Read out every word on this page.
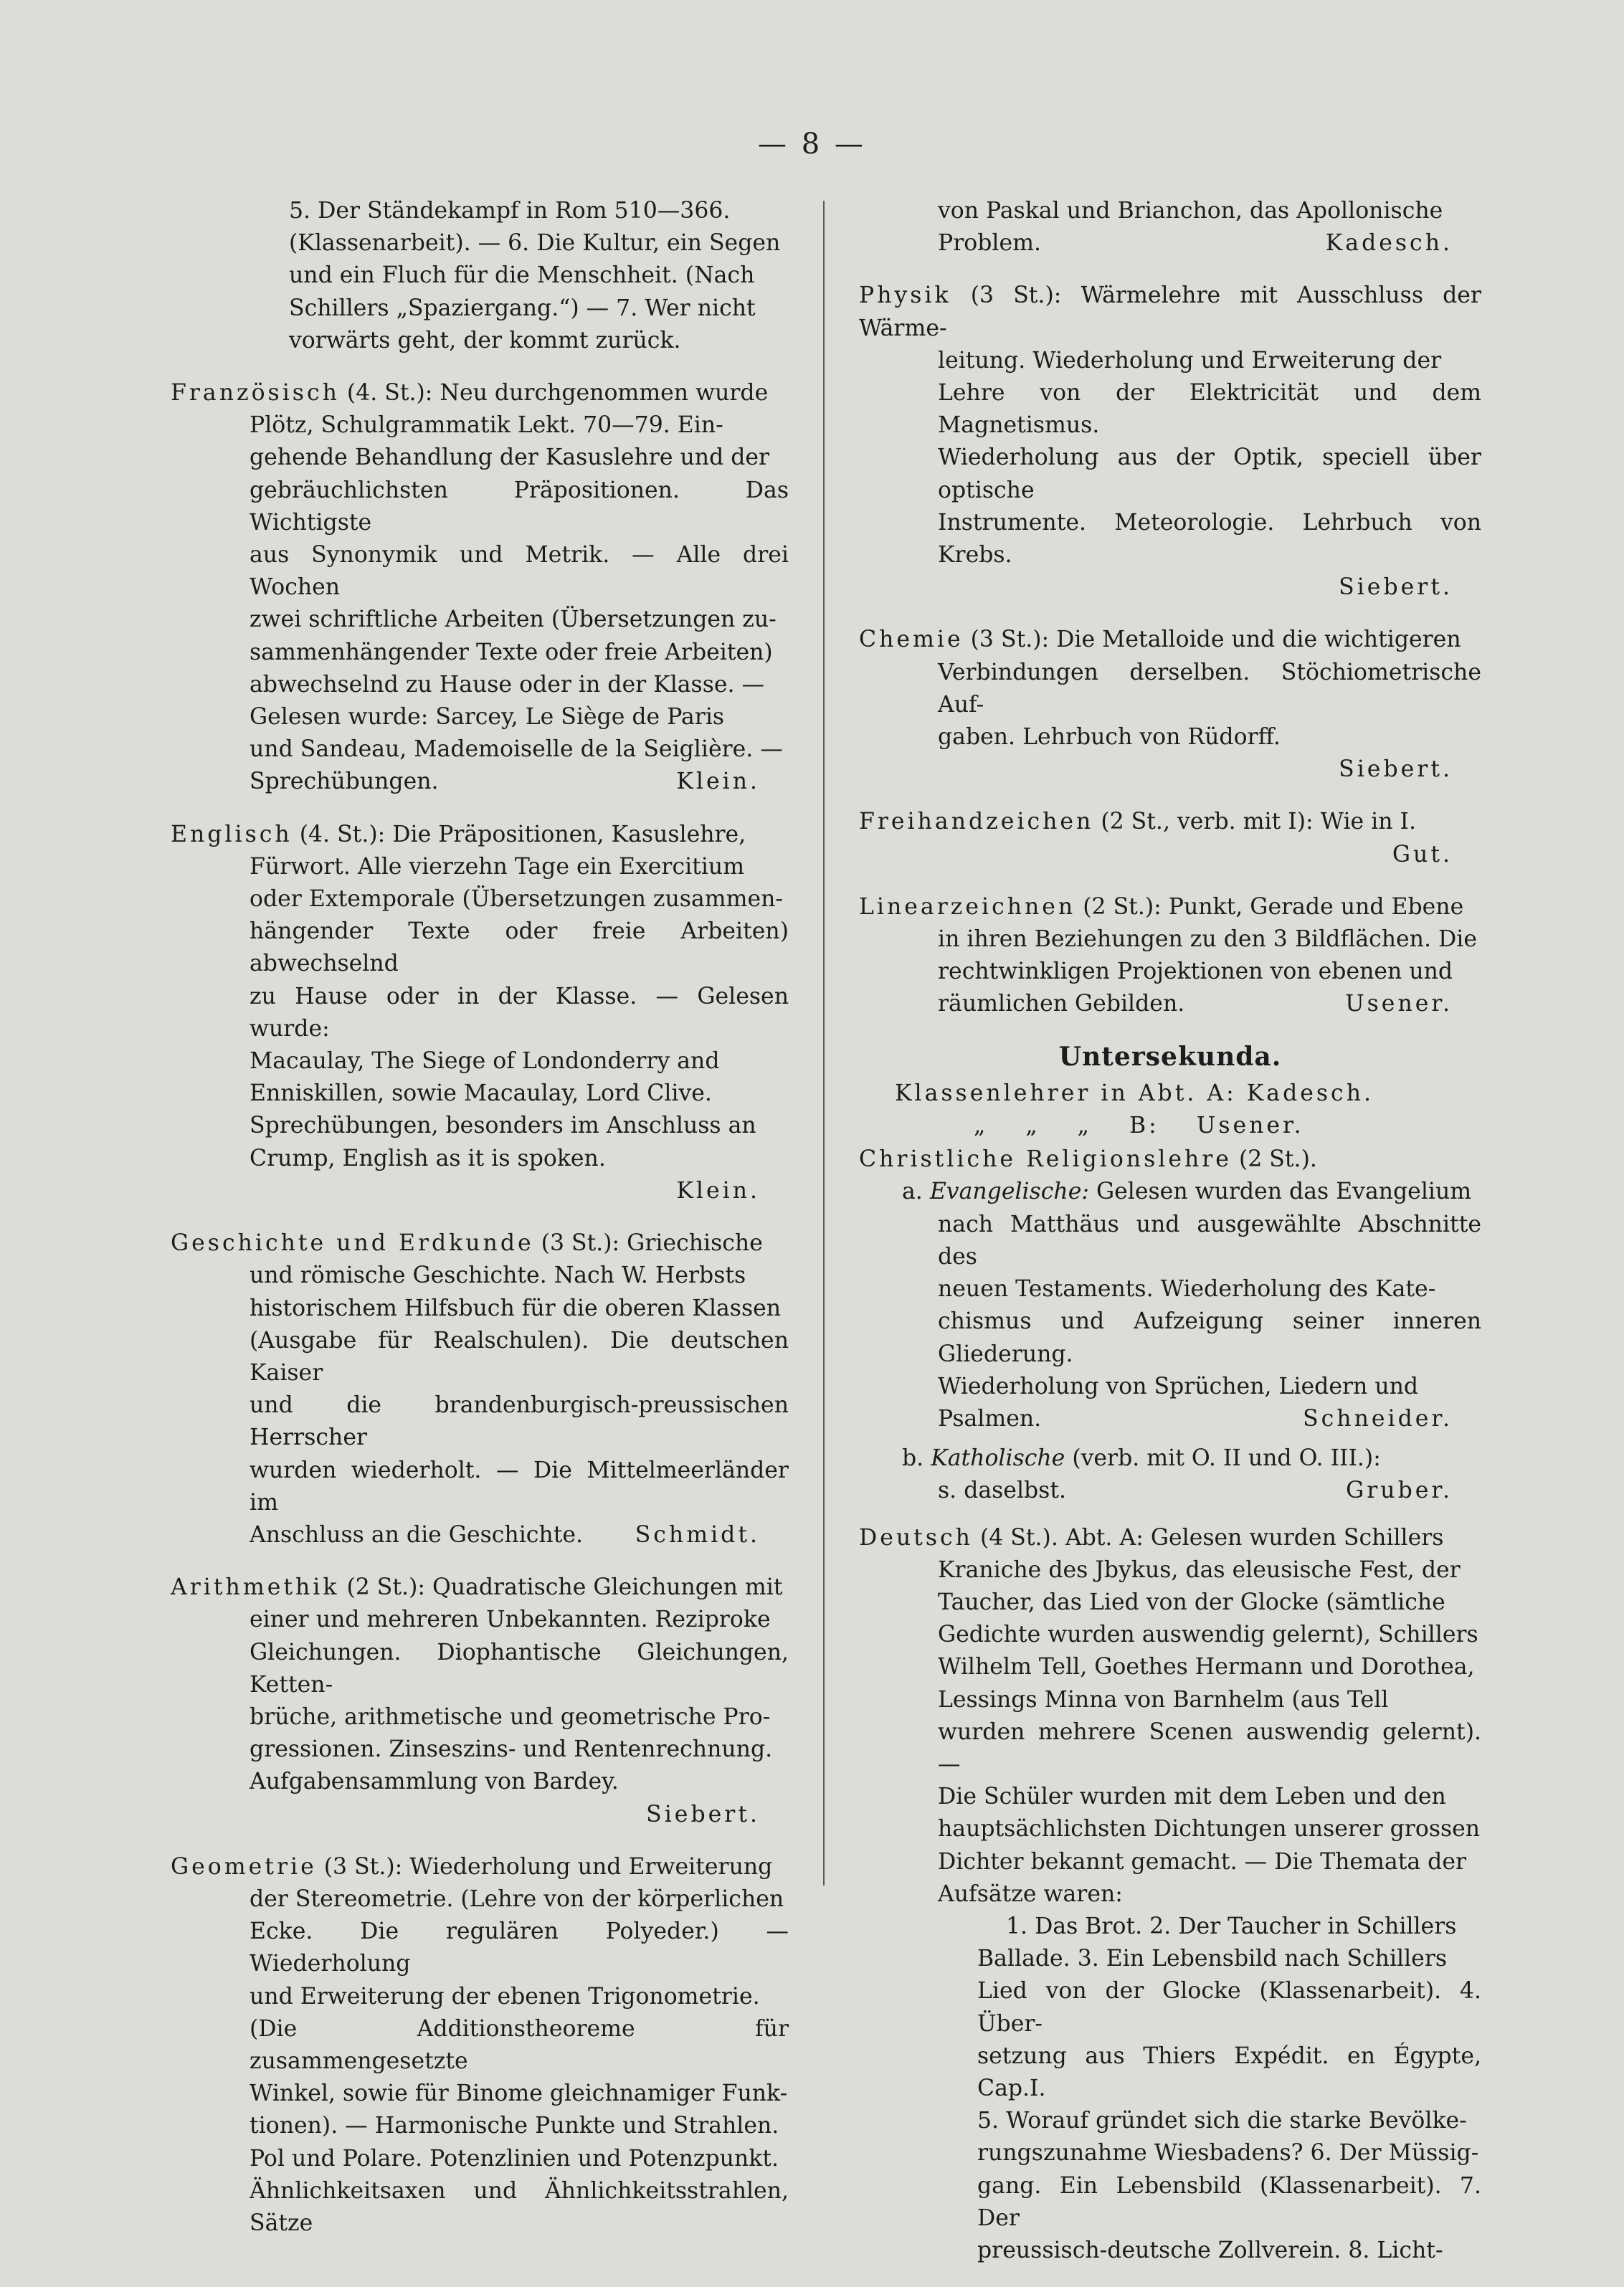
— 8 —

5. Der Ständekampf in Rom 510—366.

(Klassenarbeit). — 6. Die Kultur, ein Segen

und ein Fluch für die Menschheit. (Nach

Schillers „Spaziergang.“) — 7. Wer nicht

vorwärts geht, der kommt zurück.

Französisch (4. St.): Neu durchgenommen wurde

Plötz, Schulgrammatik Lekt. 70—79. Ein-

gehende Behandlung der Kasuslehre und der

gebräuchlichsten Präpositionen. Das Wichtigste

aus Synonymik und Metrik. — Alle drei Wochen

zwei schriftliche Arbeiten (Übersetzungen zu-

sammenhängender Texte oder freie Arbeiten)

abwechselnd zu Hause oder in der Klasse. —

Gelesen wurde: Sarcey, Le Siège de Paris

und Sandeau, Mademoiselle de la Seiglière. —

Sprechübungen.	Klein.

Englisch (4. St.): Die Präpositionen, Kasuslehre,

Fürwort. Alle vierzehn Tage ein Exercitium

oder Extemporale (Übersetzungen zusammen-

hängender Texte oder freie Arbeiten) abwechselnd

zu Hause oder in der Klasse. — Gelesen wurde:

Macaulay, The Siege of Londonderry and

Enniskillen, sowie Macaulay, Lord Clive.

Sprechübungen, besonders im Anschluss an

Crump, English as it is spoken.

Klein.

Geschichte und Erdkunde (3 St.): Griechische

und römische Geschichte. Nach W. Herbsts

historischem Hilfsbuch für die oberen Klassen

(Ausgabe für Realschulen). Die deutschen Kaiser

und die brandenburgisch-preussischen Herrscher

wurden wiederholt. — Die Mittelmeerländer im

Anschluss an die Geschichte. Schmidt.

Arithmethik (2 St.): Quadratische Gleichungen mit

einer und mehreren Unbekannten. Reziproke

Gleichungen. Diophantische Gleichungen, Ketten-

brüche, arithmetische und geometrische Pro-

gressionen. Zinseszins- und Rentenrechnung.

Aufgabensammlung von Bardey.

Siebert.

Geometrie (3 St.): Wiederholung und Erweiterung

der Stereometrie. (Lehre von der körperlichen

Ecke. Die regulären Polyeder.) — Wiederholung

und Erweiterung der ebenen Trigonometrie.

(Die Additionstheoreme für zusammengesetzte

Winkel, sowie für Binome gleichnamiger Funk-

tionen). — Harmonische Punkte und Strahlen.

Pol und Polare. Potenzlinien und Potenzpunkt.

Ähnlichkeitsaxen und Ähnlichkeitsstrahlen, Sätze

von Paskal und Brianchon, das Apollonische

Problem.	Kadesch.

Physik (3 St.): Wärmelehre mit Ausschluss der Wärme-

leitung. Wiederholung und Erweiterung der

Lehre von der Elektricität und dem Magnetismus.

Wiederholung aus der Optik, speciell über optische

Instrumente. Meteorologie. Lehrbuch von Krebs.

Siebert.

Chemie (3 St.): Die Metalloide und die wichtigeren

Verbindungen derselben. Stöchiometrische Auf-

gaben. Lehrbuch von Rüdorff.

Siebert.

Freihandzeichen (2 St., verb. mit I): Wie in I.

Gut.

Linearzeichnen (2 St.): Punkt, Gerade und Ebene

in ihren Beziehungen zu den 3 Bildflächen. Die

rechtwinkligen Projektionen von ebenen und

räumlichen Gebilden.	Usener.

Untersekunda.

Klassenlehrer in Abt. A: Kadesch.

„ „ „ B: Usener.

Christliche Religionslehre (2 St.).

a. Evangelische: Gelesen wurden das Evangelium

nach Matthäus und ausgewählte Abschnitte des

neuen Testaments. Wiederholung des Kate-

chismus und Aufzeigung seiner inneren Gliederung.

Wiederholung von Sprüchen, Liedern und

Psalmen.	Schneider.

b. Katholische (verb. mit O. II und O. III.):

s. daselbst.	Gruber.

Deutsch (4 St.). Abt. A: Gelesen wurden Schillers

Kraniche des Jbykus, das eleusische Fest, der

Taucher, das Lied von der Glocke (sämtliche

Gedichte wurden auswendig gelernt), Schillers

Wilhelm Tell, Goethes Hermann und Dorothea,

Lessings Minna von Barnhelm (aus Tell

wurden mehrere Scenen auswendig gelernt). —

Die Schüler wurden mit dem Leben und den

hauptsächlichsten Dichtungen unserer grossen

Dichter bekannt gemacht. — Die Themata der

Aufsätze waren:

1. Das Brot. 2. Der Taucher in Schillers

Ballade. 3. Ein Lebensbild nach Schillers

Lied von der Glocke (Klassenarbeit). 4. Über-

setzung aus Thiers Expédit. en Égypte, Cap.I.

5. Worauf gründet sich die starke Bevölke-

rungszunahme Wiesbadens? 6. Der Müssig-

gang. Ein Lebensbild (Klassenarbeit). 7. Der

preussisch-deutsche Zollverein. 8. Licht-
